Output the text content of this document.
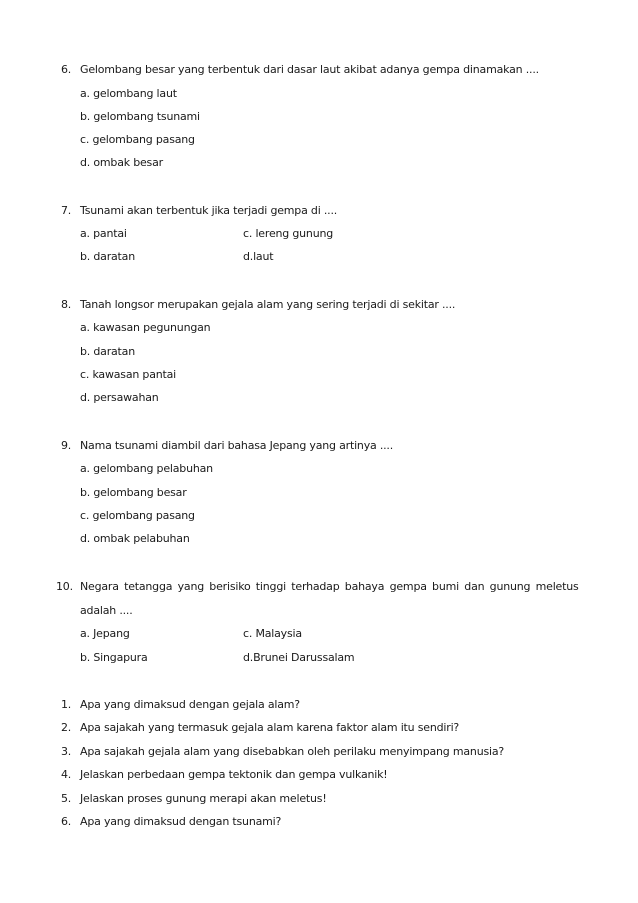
6. Gelombang besar yang terbentuk dari dasar laut akibat adanya gempa dinamakan ....
a. gelombang laut
b. gelombang tsunami
c. gelombang pasang
d. ombak besar
7. Tsunami akan terbentuk jika terjadi gempa di ....
a. pantai	c. lereng gunung
b. daratan	d.laut
8. Tanah longsor merupakan gejala alam yang sering terjadi di sekitar ....
a. kawasan pegunungan
b. daratan
c. kawasan pantai
d. persawahan
9. Nama tsunami diambil dari bahasa Jepang yang artinya ....
a. gelombang pelabuhan
b. gelombang besar
c. gelombang pasang
d. ombak pelabuhan
10. Negara tetangga yang berisiko tinggi terhadap bahaya gempa bumi dan gunung meletus
adalah ....
a. Jepang	c. Malaysia
b. Singapura	d.Brunei Darussalam
1. Apa yang dimaksud dengan gejala alam?
2. Apa sajakah yang termasuk gejala alam karena faktor alam itu sendiri?
3. Apa sajakah gejala alam yang disebabkan oleh perilaku menyimpang manusia?
4. Jelaskan perbedaan gempa tektonik dan gempa vulkanik!
5. Jelaskan proses gunung merapi akan meletus!
6. Apa yang dimaksud dengan tsunami?
